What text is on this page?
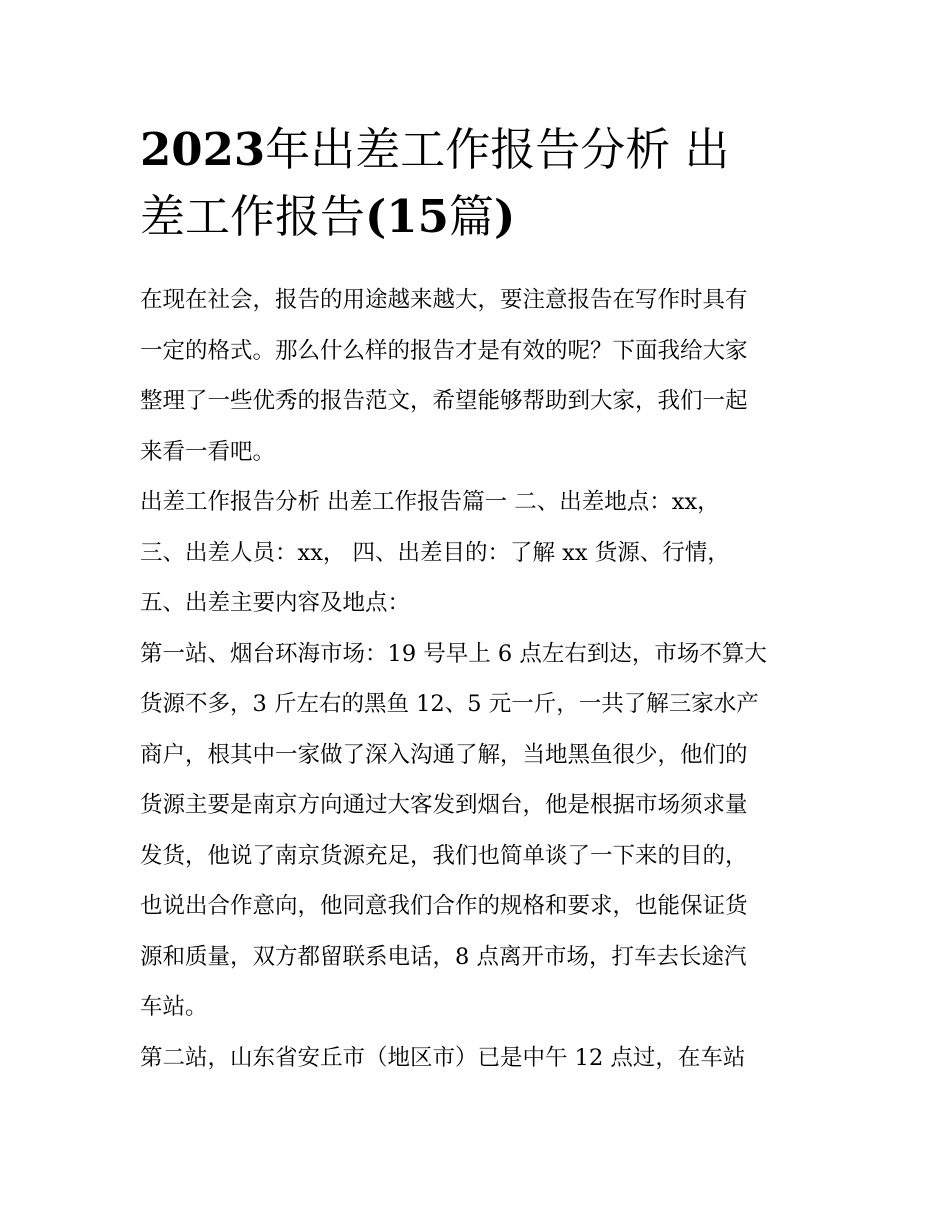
2023年出差工作报告分析 出
差工作报告(15篇)

在现在社会，报告的用途越来越大，要注意报告在写作时具有
一定的格式。那么什么样的报告才是有效的呢？下面我给大家
整理了一些优秀的报告范文，希望能够帮助到大家，我们一起
来看一看吧。

出差工作报告分析 出差工作报告篇一 二、出差地点：xx，
三、出差人员：xx， 四、出差目的：了解 xx 货源、行情，
五、出差主要内容及地点：

第一站、烟台环海市场：19 号早上 6 点左右到达，市场不算大
货源不多，3 斤左右的黑鱼 12、5 元一斤，一共了解三家水产
商户，根其中一家做了深入沟通了解，当地黑鱼很少，他们的
货源主要是南京方向通过大客发到烟台，他是根据市场须求量
发货，他说了南京货源充足，我们也简单谈了一下来的目的，
也说出合作意向，他同意我们合作的规格和要求，也能保证货
源和质量，双方都留联系电话，8 点离开市场，打车去长途汽
车站。

第二站，山东省安丘市（地区市）已是中午 12 点过，在车站
